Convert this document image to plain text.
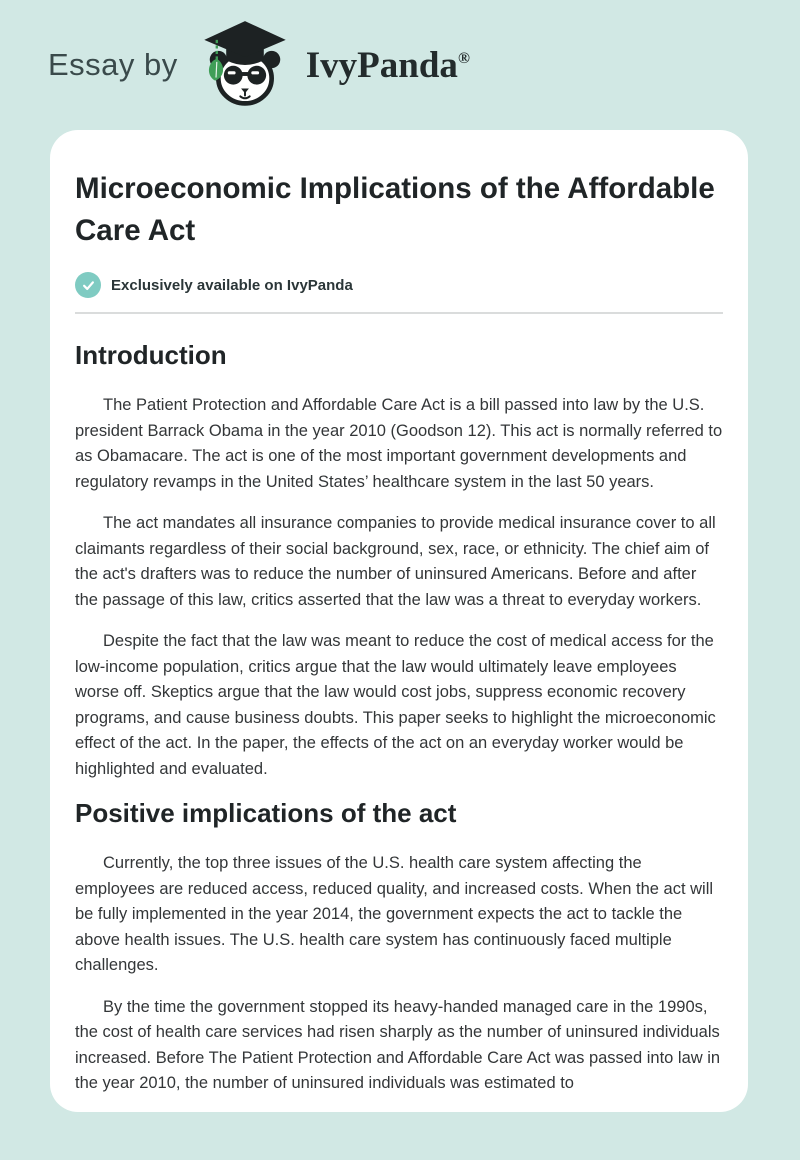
Essay by	IvyPanda®
Microeconomic Implications of the Affordable Care Act
Exclusively available on IvyPanda
Introduction

The Patient Protection and Affordable Care Act is a bill passed into law by the U.S. president Barrack Obama in the year 2010 (Goodson 12). This act is normally referred to as Obamacare. The act is one of the most important government developments and regulatory revamps in the United States’ healthcare system in the last 50 years.

The act mandates all insurance companies to provide medical insurance cover to all claimants regardless of their social background, sex, race, or ethnicity. The chief aim of the act's drafters was to reduce the number of uninsured Americans. Before and after the passage of this law, critics asserted that the law was a threat to everyday workers.

Despite the fact that the law was meant to reduce the cost of medical access for the low-income population, critics argue that the law would ultimately leave employees worse off. Skeptics argue that the law would cost jobs, suppress economic recovery programs, and cause business doubts. This paper seeks to highlight the microeconomic effect of the act. In the paper, the effects of the act on an everyday worker would be highlighted and evaluated.

Positive implications of the act

Currently, the top three issues of the U.S. health care system affecting the employees are reduced access, reduced quality, and increased costs. When the act will be fully implemented in the year 2014, the government expects the act to tackle the above health issues. The U.S. health care system has continuously faced multiple challenges.

By the time the government stopped its heavy-handed managed care in the 1990s, the cost of health care services had risen sharply as the number of uninsured individuals increased. Before The Patient Protection and Affordable Care Act was passed into law in the year 2010, the number of uninsured individuals was estimated to
